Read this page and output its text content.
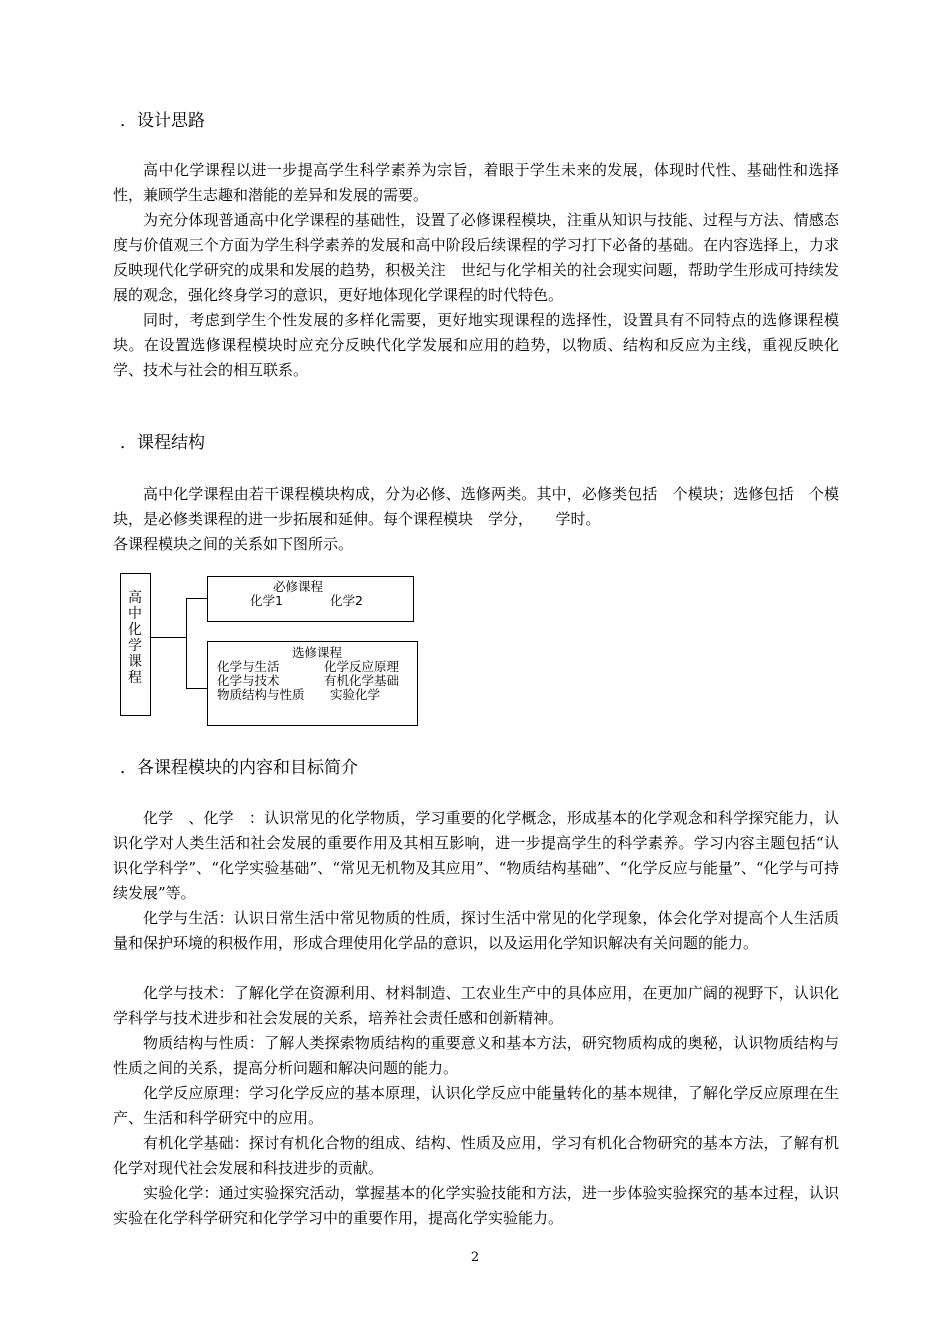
．设计思路

高中化学课程以进一步提高学生科学素养为宗旨，着眼于学生未来的发展，体现时代性、基础性和选择性，兼顾学生志趣和潜能的差异和发展的需要。

为充分体现普通高中化学课程的基础性，设置了必修课程模块，注重从知识与技能、过程与方法、情感态度与价值观三个方面为学生科学素养的发展和高中阶段后续课程的学习打下必备的基础。在内容选择上，力求反映现代化学研究的成果和发展的趋势，积极关注　世纪与化学相关的社会现实问题，帮助学生形成可持续发展的观念，强化终身学习的意识，更好地体现化学课程的时代特色。

同时，考虑到学生个性发展的多样化需要，更好地实现课程的选择性，设置具有不同特点的选修课程模块。在设置选修课程模块时应充分反映代化学发展和应用的趋势，以物质、结构和反应为主线，重视反映化学、技术与社会的相互联系。

．课程结构

高中化学课程由若干课程模块构成，分为必修、选修两类。其中，必修类包括　个模块；选修包括　个模块，是必修类课程的进一步拓展和延伸。每个课程模块　学分，　　学时。

各课程模块之间的关系如下图所示。

高中化学课程
必修课程
化学1	化学2
选修课程
化学与生活	化学反应原理
化学与技术	有机化学基础
物质结构与性质 实验化学
．各课程模块的内容和目标简介

化学　、化学　：认识常见的化学物质，学习重要的化学概念，形成基本的化学观念和科学探究能力，认识化学对人类生活和社会发展的重要作用及其相互影响，进一步提高学生的科学素养。学习内容主题包括“认识化学科学”、“化学实验基础”、“常见无机物及其应用”、“物质结构基础”、“化学反应与能量”、“化学与可持续发展”等。

化学与生活：认识日常生活中常见物质的性质，探讨生活中常见的化学现象，体会化学对提高个人生活质量和保护环境的积极作用，形成合理使用化学品的意识，以及运用化学知识解决有关问题的能力。

化学与技术：了解化学在资源利用、材料制造、工农业生产中的具体应用，在更加广阔的视野下，认识化学科学与技术进步和社会发展的关系，培养社会责任感和创新精神。

物质结构与性质：了解人类探索物质结构的重要意义和基本方法，研究物质构成的奥秘，认识物质结构与性质之间的关系，提高分析问题和解决问题的能力。

化学反应原理：学习化学反应的基本原理，认识化学反应中能量转化的基本规律，了解化学反应原理在生产、生活和科学研究中的应用。

有机化学基础：探讨有机化合物的组成、结构、性质及应用，学习有机化合物研究的基本方法，了解有机化学对现代社会发展和科技进步的贡献。

实验化学：通过实验探究活动，掌握基本的化学实验技能和方法，进一步体验实验探究的基本过程，认识实验在化学科学研究和化学学习中的重要作用，提高化学实验能力。

2
